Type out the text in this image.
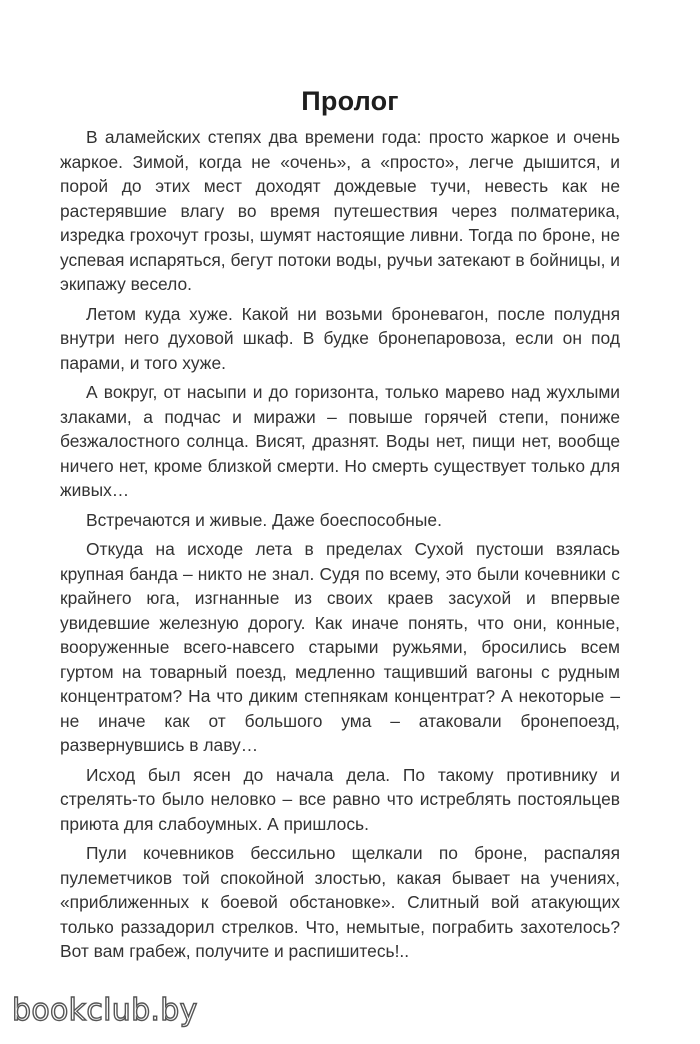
Пролог

В аламейских степях два времени года: просто жаркое и очень жаркое. Зимой, когда не «очень», а «просто», легче дышится, и порой до этих мест доходят дождевые тучи, невесть как не растерявшие влагу во время путешествия через полматерика, изредка грохочут грозы, шумят настоящие ливни. Тогда по броне, не успевая испаряться, бегут потоки воды, ручьи затекают в бойницы, и экипажу весело.

Летом куда хуже. Какой ни возьми броневагон, после полудня внутри него духовой шкаф. В будке бронепаровоза, если он под парами, и того хуже.

А вокруг, от насыпи и до горизонта, только марево над жухлыми злаками, а подчас и миражи – повыше горячей степи, пониже безжалостного солнца. Висят, дразнят. Воды нет, пищи нет, вообще ничего нет, кроме близкой смерти. Но смерть существует только для живых…

Встречаются и живые. Даже боеспособные.

Откуда на исходе лета в пределах Сухой пустоши взялась крупная банда – никто не знал. Судя по всему, это были кочевники с крайнего юга, изгнанные из своих краев засухой и впервые увидевшие железную дорогу. Как иначе понять, что они, конные, вооруженные всего-навсего старыми ружьями, бросились всем гуртом на товарный поезд, медленно тащивший вагоны с рудным концентратом? На что диким степнякам концентрат? А некоторые – не иначе как от большого ума – атаковали бронепоезд, развернувшись в лаву…

Исход был ясен до начала дела. По такому противнику и стрелять-то было неловко – все равно что истреблять постояльцев приюта для слабоумных. А пришлось.

Пули кочевников бессильно щелкали по броне, распаляя пулеметчиков той спокойной злостью, какая бывает на учениях, «приближенных к боевой обстановке». Слитный вой атакующих только раззадорил стрелков. Что, немытые, пограбить захотелось? Вот вам грабеж, получите и распишитесь!..

bookclub.by
